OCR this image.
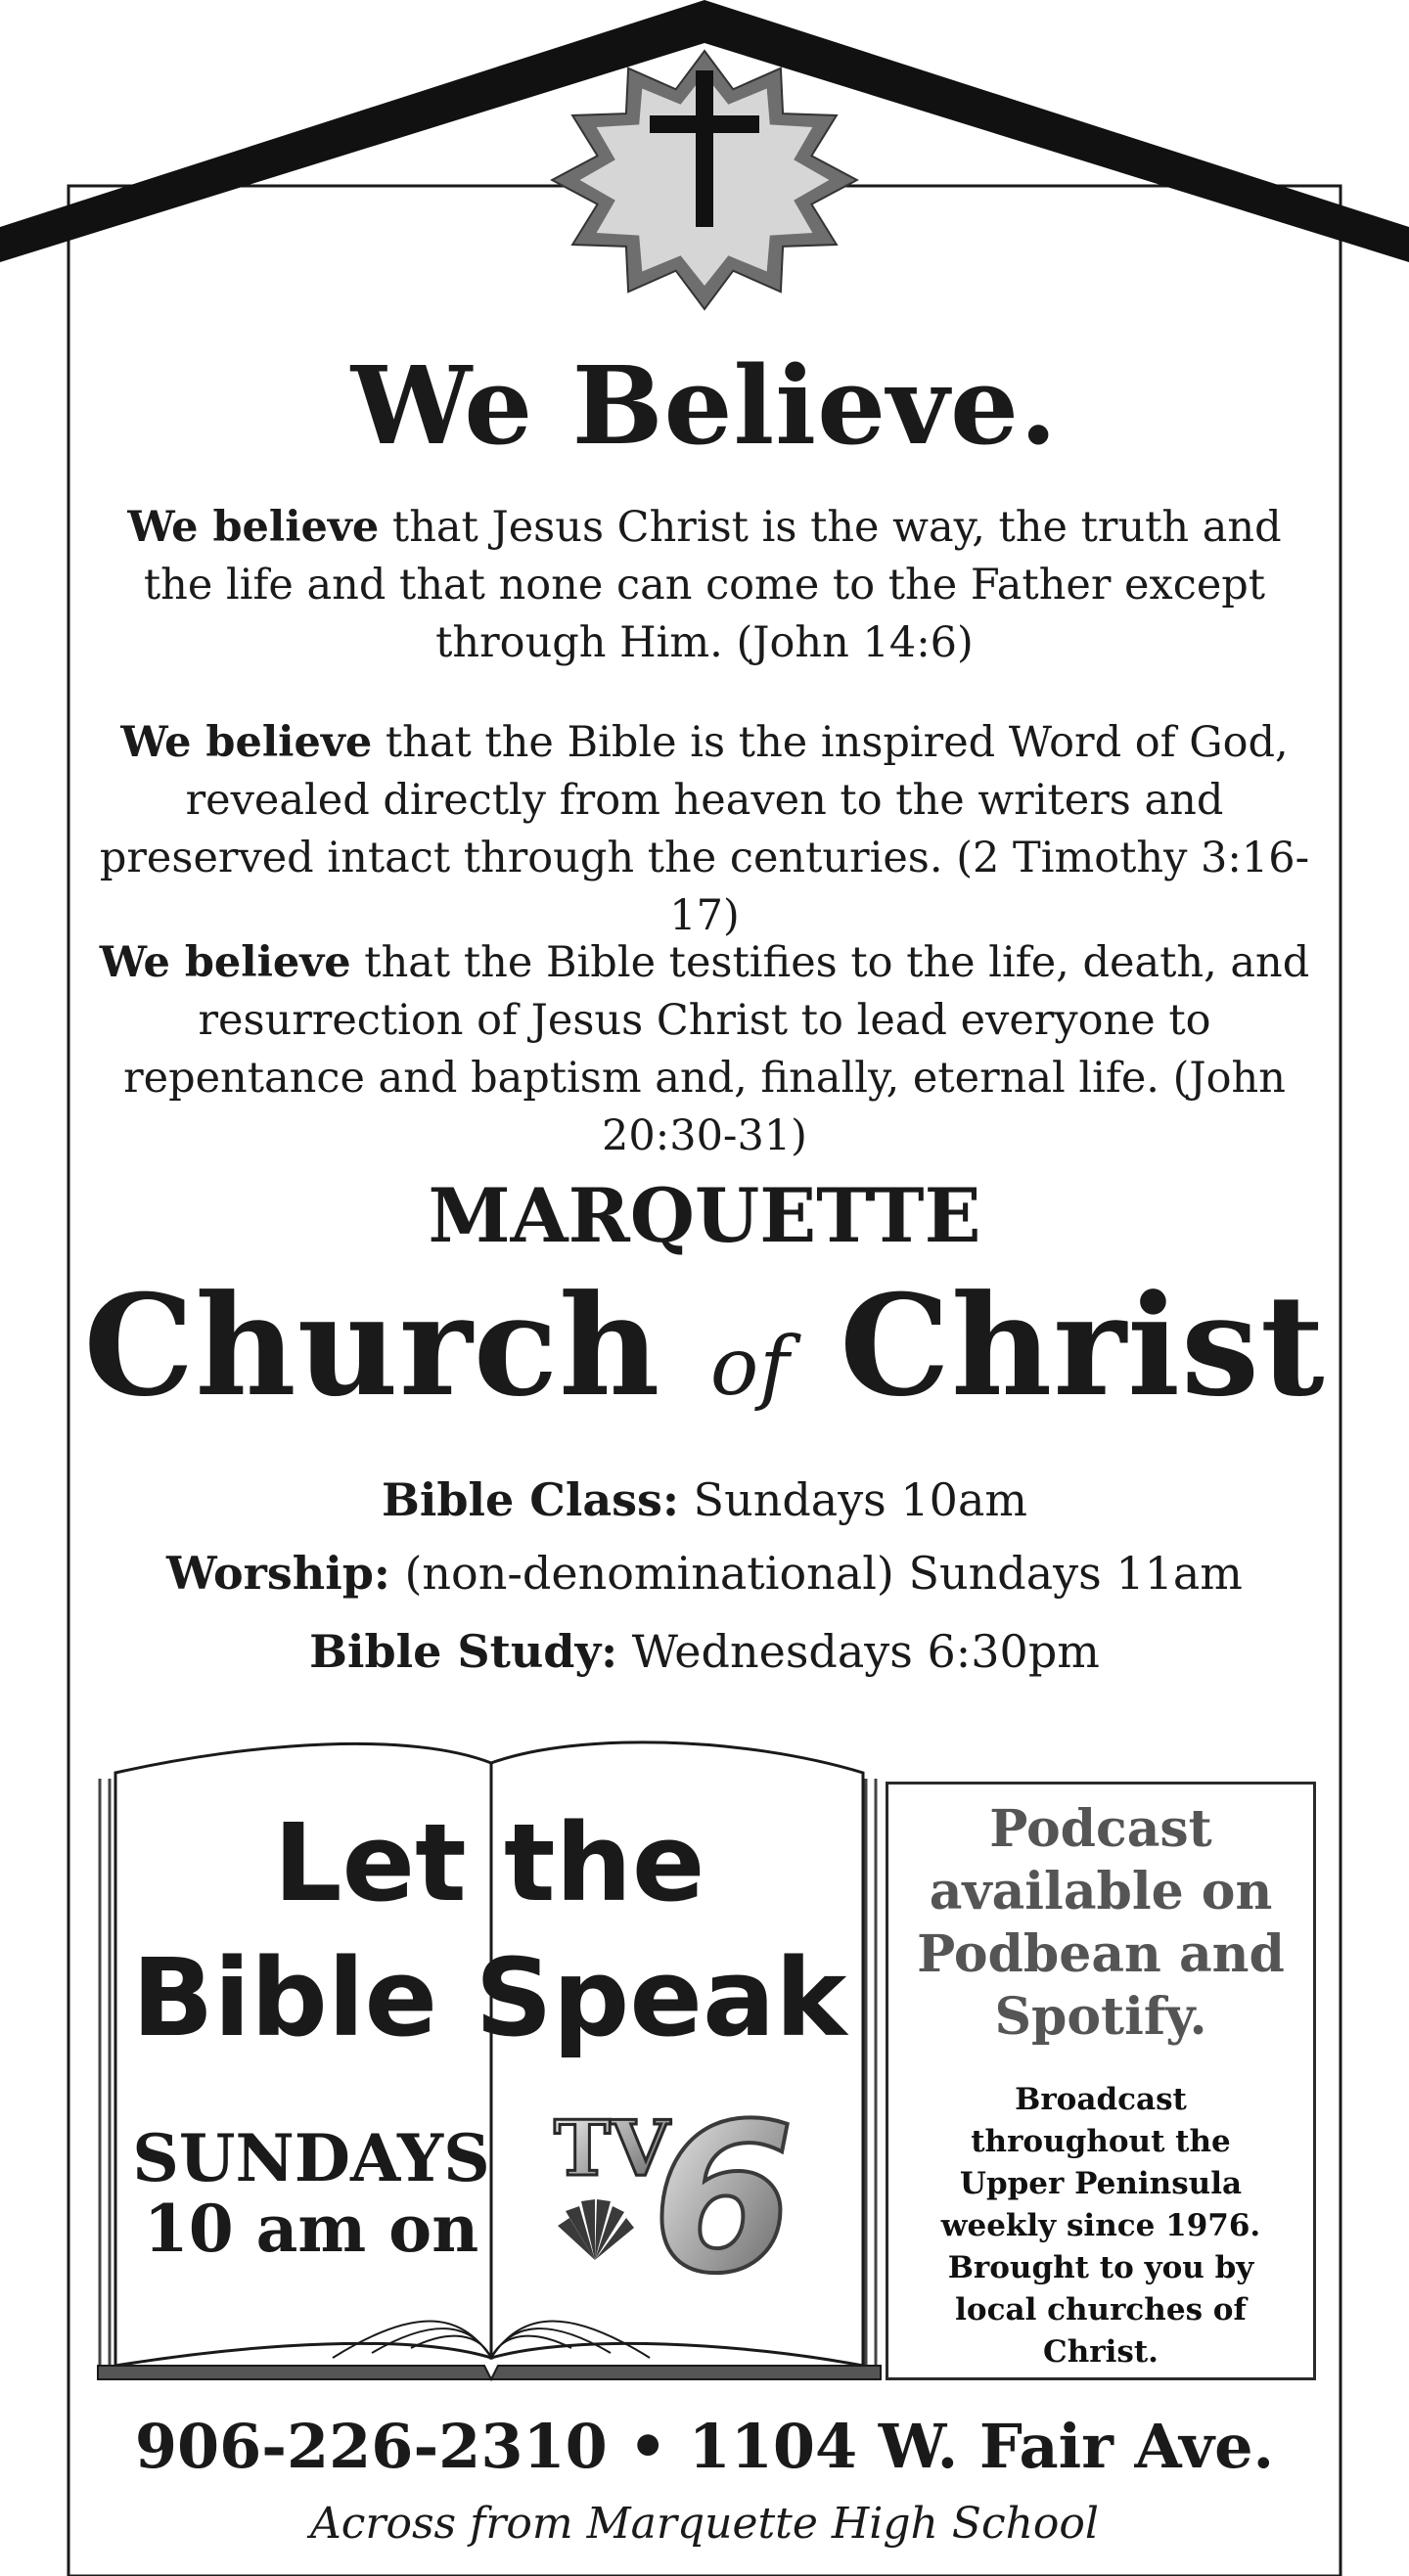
We Believe.
We believe that Jesus Christ is the way, the truth and the life and that none can come to the Father except through Him. (John 14:6)
We believe that the Bible is the inspired Word of God, revealed directly from heaven to the writers and preserved intact through the centuries. (2 Timothy 3:16-17)
We believe that the Bible testifies to the life, death, and resurrection of Jesus Christ to lead everyone to repentance and baptism and, finally, eternal life. (John 20:30-31)
MARQUETTE
Church of Christ
Bible Class: Sundays 10am
Worship: (non-denominational) Sundays 11am
Bible Study: Wednesdays 6:30pm
Let the
Bible Speak
SUNDAYS
10 am on
TV
6
Podcast
available on
Podbean and
Spotify.
Broadcast
throughout the
Upper Peninsula
weekly since 1976.
Brought to you by
local churches of
Christ.
906-226-2310 • 1104 W. Fair Ave.
Across from Marquette High School
